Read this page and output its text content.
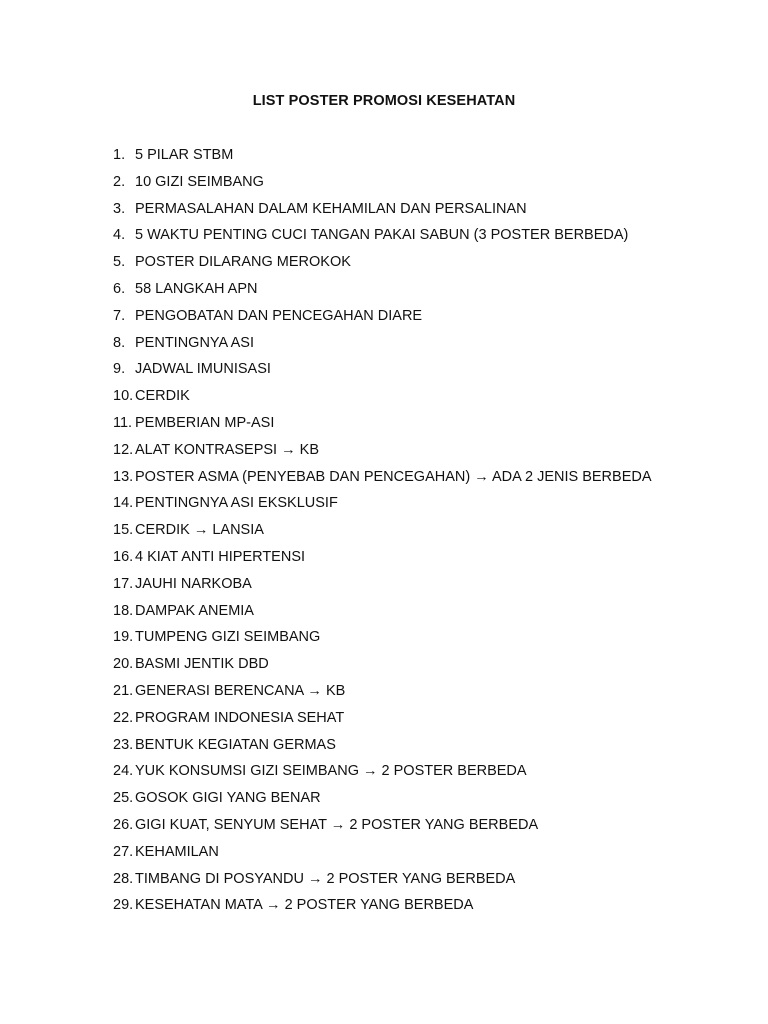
LIST POSTER PROMOSI KESEHATAN
1. 5 PILAR STBM
2. 10 GIZI SEIMBANG
3. PERMASALAHAN DALAM KEHAMILAN DAN PERSALINAN
4. 5 WAKTU PENTING CUCI TANGAN PAKAI SABUN (3 POSTER BERBEDA)
5. POSTER DILARANG MEROKOK
6. 58 LANGKAH APN
7. PENGOBATAN DAN PENCEGAHAN DIARE
8. PENTINGNYA ASI
9. JADWAL IMUNISASI
10. CERDIK
11. PEMBERIAN MP-ASI
12. ALAT KONTRASEPSI → KB
13. POSTER ASMA (PENYEBAB DAN PENCEGAHAN) → ADA 2 JENIS BERBEDA
14. PENTINGNYA ASI EKSKLUSIF
15. CERDIK → LANSIA
16. 4 KIAT ANTI HIPERTENSI
17. JAUHI NARKOBA
18. DAMPAK ANEMIA
19. TUMPENG GIZI SEIMBANG
20. BASMI JENTIK DBD
21. GENERASI BERENCANA → KB
22. PROGRAM INDONESIA SEHAT
23. BENTUK KEGIATAN GERMAS
24. YUK KONSUMSI GIZI SEIMBANG → 2 POSTER BERBEDA
25. GOSOK GIGI YANG BENAR
26. GIGI KUAT, SENYUM SEHAT → 2 POSTER YANG BERBEDA
27. KEHAMILAN
28. TIMBANG DI POSYANDU → 2 POSTER YANG BERBEDA
29. KESEHATAN MATA → 2 POSTER YANG BERBEDA
